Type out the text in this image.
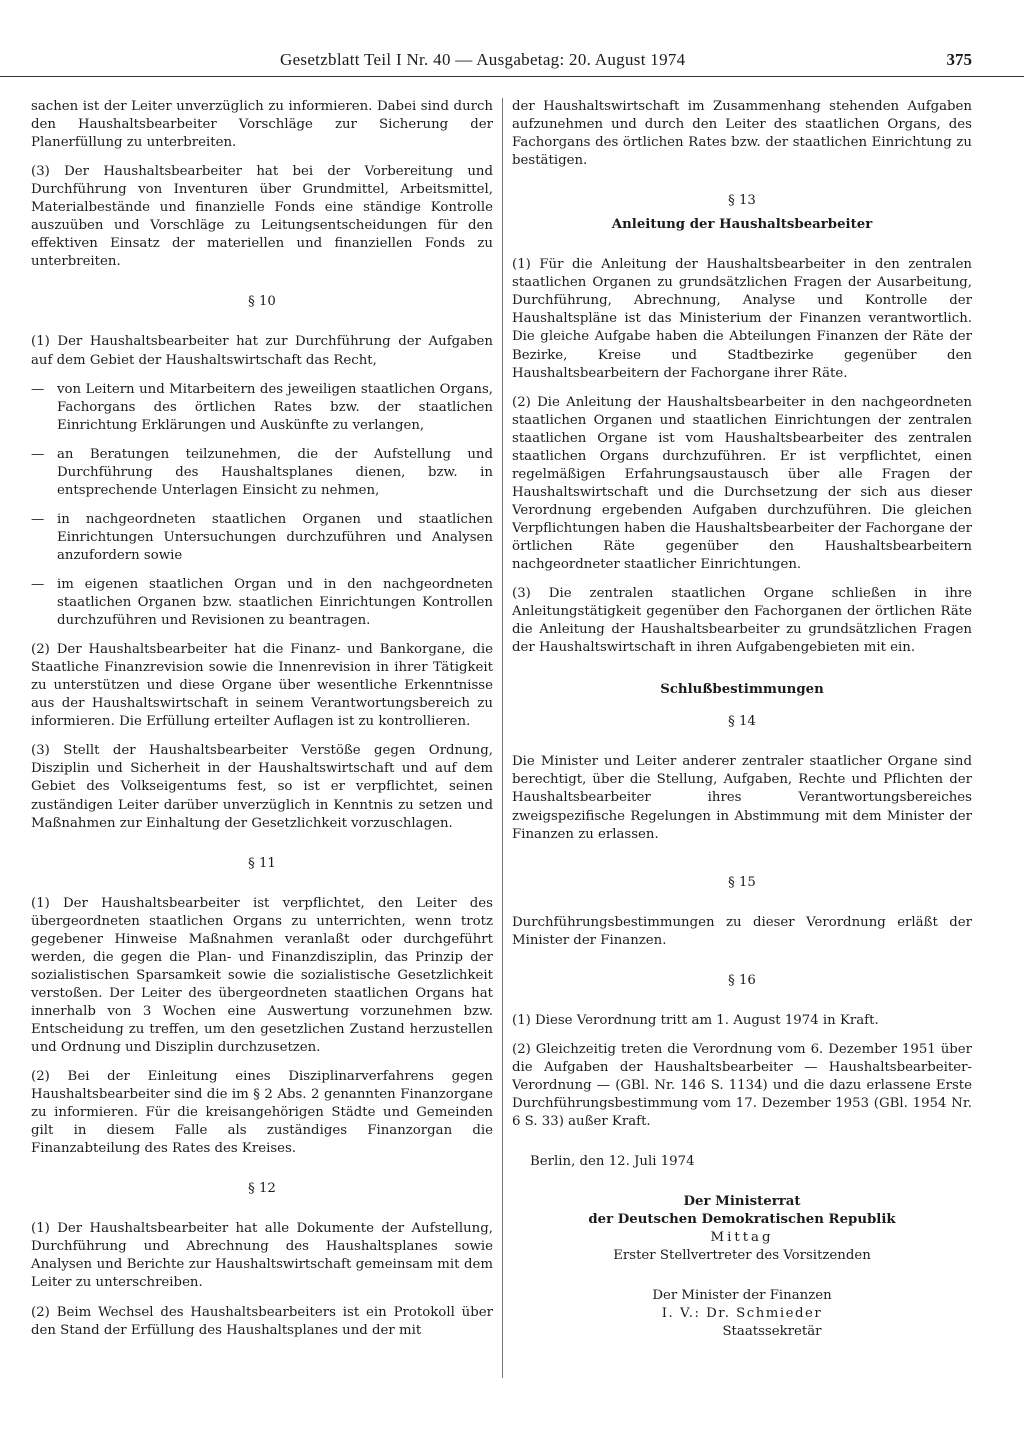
Gesetzblatt Teil I Nr. 40 — Ausgabetag: 20. August 1974	375

sachen ist der Leiter unverzüglich zu informieren. Dabei sind durch den Haushaltsbearbeiter Vorschläge zur Sicherung der Planerfüllung zu unterbreiten.

(3) Der Haushaltsbearbeiter hat bei der Vorbereitung und Durchführung von Inventuren über Grundmittel, Arbeitsmittel, Materialbestände und finanzielle Fonds eine ständige Kontrolle auszuüben und Vorschläge zu Leitungsentscheidungen für den effektiven Einsatz der materiellen und finanziellen Fonds zu unterbreiten.

§ 10

(1) Der Haushaltsbearbeiter hat zur Durchführung der Aufgaben auf dem Gebiet der Haushaltswirtschaft das Recht,

— von Leitern und Mitarbeitern des jeweiligen staatlichen Organs, Fachorgans des örtlichen Rates bzw. der staatlichen Einrichtung Erklärungen und Auskünfte zu verlangen,
— an Beratungen teilzunehmen, die der Aufstellung und Durchführung des Haushaltsplanes dienen, bzw. in entsprechende Unterlagen Einsicht zu nehmen,
— in nachgeordneten staatlichen Organen und staatlichen Einrichtungen Untersuchungen durchzuführen und Analysen anzufordern sowie
— im eigenen staatlichen Organ und in den nachgeordneten staatlichen Organen bzw. staatlichen Einrichtungen Kontrollen durchzuführen und Revisionen zu beantragen.

(2) Der Haushaltsbearbeiter hat die Finanz- und Bankorgane, die Staatliche Finanzrevision sowie die Innenrevision in ihrer Tätigkeit zu unterstützen und diese Organe über wesentliche Erkenntnisse aus der Haushaltswirtschaft in seinem Verantwortungsbereich zu informieren. Die Erfüllung erteilter Auflagen ist zu kontrollieren.

(3) Stellt der Haushaltsbearbeiter Verstöße gegen Ordnung, Disziplin und Sicherheit in der Haushaltswirtschaft und auf dem Gebiet des Volkseigentums fest, so ist er verpflichtet, seinen zuständigen Leiter darüber unverzüglich in Kenntnis zu setzen und Maßnahmen zur Einhaltung der Gesetzlichkeit vorzuschlagen.

§ 11

(1) Der Haushaltsbearbeiter ist verpflichtet, den Leiter des übergeordneten staatlichen Organs zu unterrichten, wenn trotz gegebener Hinweise Maßnahmen veranlaßt oder durchgeführt werden, die gegen die Plan- und Finanzdisziplin, das Prinzip der sozialistischen Sparsamkeit sowie die sozialistische Gesetzlichkeit verstoßen. Der Leiter des übergeordneten staatlichen Organs hat innerhalb von 3 Wochen eine Auswertung vorzunehmen bzw. Entscheidung zu treffen, um den gesetzlichen Zustand herzustellen und Ordnung und Disziplin durchzusetzen.

(2) Bei der Einleitung eines Disziplinarverfahrens gegen Haushaltsbearbeiter sind die im § 2 Abs. 2 genannten Finanzorgane zu informieren. Für die kreisangehörigen Städte und Gemeinden gilt in diesem Falle als zuständiges Finanzorgan die Finanzabteilung des Rates des Kreises.

§ 12

(1) Der Haushaltsbearbeiter hat alle Dokumente der Aufstellung, Durchführung und Abrechnung des Haushaltsplanes sowie Analysen und Berichte zur Haushaltswirtschaft gemeinsam mit dem Leiter zu unterschreiben.

(2) Beim Wechsel des Haushaltsbearbeiters ist ein Protokoll über den Stand der Erfüllung des Haushaltsplanes und der mit

der Haushaltswirtschaft im Zusammenhang stehenden Aufgaben aufzunehmen und durch den Leiter des staatlichen Organs, des Fachorgans des örtlichen Rates bzw. der staatlichen Einrichtung zu bestätigen.

§ 13
Anleitung der Haushaltsbearbeiter

(1) Für die Anleitung der Haushaltsbearbeiter in den zentralen staatlichen Organen zu grundsätzlichen Fragen der Ausarbeitung, Durchführung, Abrechnung, Analyse und Kontrolle der Haushaltspläne ist das Ministerium der Finanzen verantwortlich. Die gleiche Aufgabe haben die Abteilungen Finanzen der Räte der Bezirke, Kreise und Stadtbezirke gegenüber den Haushaltsbearbeitern der Fachorgane ihrer Räte.

(2) Die Anleitung der Haushaltsbearbeiter in den nachgeordneten staatlichen Organen und staatlichen Einrichtungen der zentralen staatlichen Organe ist vom Haushaltsbearbeiter des zentralen staatlichen Organs durchzuführen. Er ist verpflichtet, einen regelmäßigen Erfahrungsaustausch über alle Fragen der Haushaltswirtschaft und die Durchsetzung der sich aus dieser Verordnung ergebenden Aufgaben durchzuführen. Die gleichen Verpflichtungen haben die Haushaltsbearbeiter der Fachorgane der örtlichen Räte gegenüber den Haushaltsbearbeitern nachgeordneter staatlicher Einrichtungen.

(3) Die zentralen staatlichen Organe schließen in ihre Anleitungstätigkeit gegenüber den Fachorganen der örtlichen Räte die Anleitung der Haushaltsbearbeiter zu grundsätzlichen Fragen der Haushaltswirtschaft in ihren Aufgabengebieten mit ein.

Schlußbestimmungen
§ 14

Die Minister und Leiter anderer zentraler staatlicher Organe sind berechtigt, über die Stellung, Aufgaben, Rechte und Pflichten der Haushaltsbearbeiter ihres Verantwortungsbereiches zweigspezifische Regelungen in Abstimmung mit dem Minister der Finanzen zu erlassen.

§ 15

Durchführungsbestimmungen zu dieser Verordnung erläßt der Minister der Finanzen.

§ 16

(1) Diese Verordnung tritt am 1. August 1974 in Kraft.

(2) Gleichzeitig treten die Verordnung vom 6. Dezember 1951 über die Aufgaben der Haushaltsbearbeiter — Haushaltsbearbeiter-Verordnung — (GBl. Nr. 146 S. 1134) und die dazu erlassene Erste Durchführungsbestimmung vom 17. Dezember 1953 (GBl. 1954 Nr. 6 S. 33) außer Kraft.

Berlin, den 12. Juli 1974

Der Ministerrat

der Deutschen Demokratischen Republik

Mittag

Erster Stellvertreter des Vorsitzenden

Der Minister der Finanzen

I. V.: Dr. Schmieder

Staatssekretär
